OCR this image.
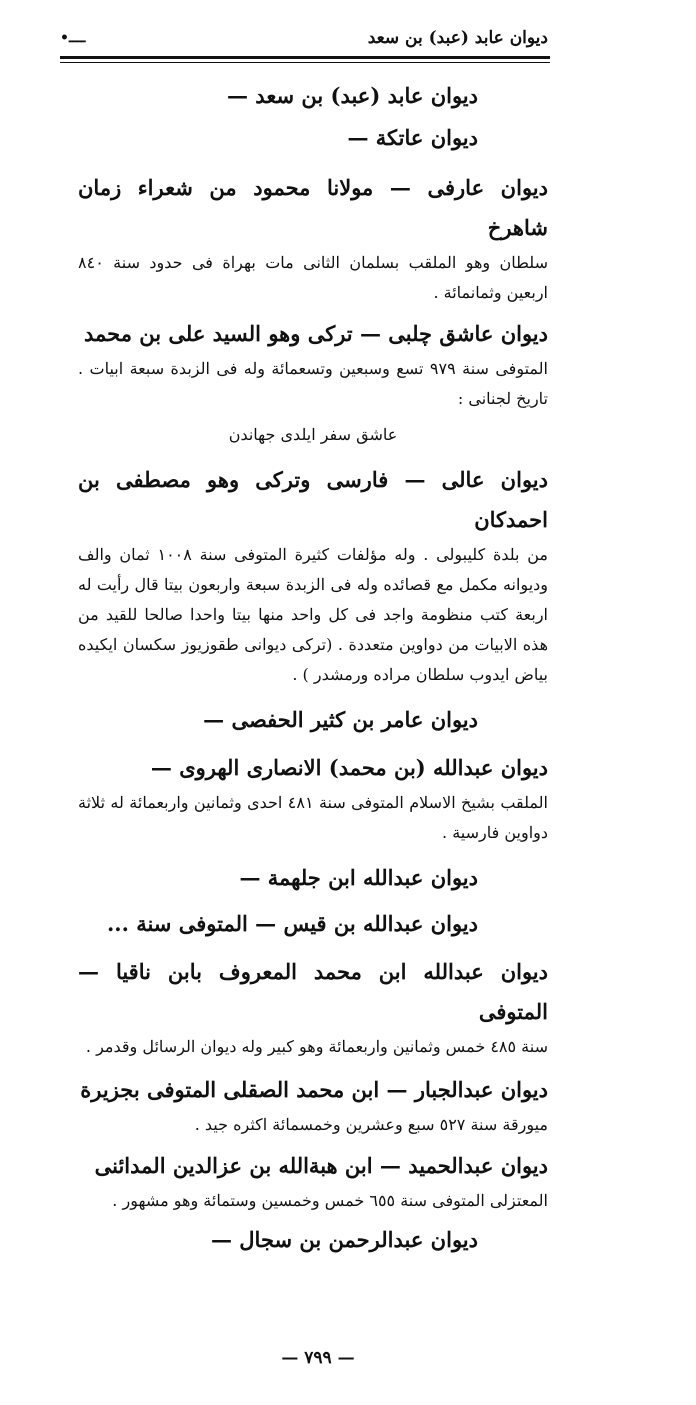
•ــــ	ديوان عابد (عبد) بن سعد
ديوان عابد (عبد) بن سعد —
ديوان عاتكة —
ديوان عارفى — مولانا محمود من شعراء زمان شاهرخ
سلطان وهو الملقب بسلمان الثانى مات بهراة فى حدود سنة ٨٤٠ اربعين وثمانمائة .
ديوان عاشق چلبى — تركى وهو السيد على بن محمد
المتوفى سنة ٩٧٩ تسع وسبعين وتسعمائة وله فى الزبدة سبعة ابيات . تاريخ لجنانى :
عاشق سفر ايلدى جهاندن
ديوان عالى — فارسى وتركى وهو مصطفى بن احمدكان
من بلدة كليبولى . وله مؤلفات كثيرة المتوفى سنة ١٠٠٨ ثمان والف وديوانه مكمل مع قصائده وله فى الزبدة سبعة واربعون بيتا قال رأيت له اربعة كتب منظومة واجد فى كل واحد منها بيتا واحدا صالحا للقيد من هذه الابيات من دواوين متعددة . (تركى ديوانى طقوزيوز سكسان ايكيده بياض ايدوب سلطان مراده ورمشدر ) .
ديوان عامر بن كثير الحفصى —
ديوان عبدالله (بن محمد) الانصارى الهروى —
الملقب بشيخ الاسلام المتوفى سنة ٤٨١ احدى وثمانين واربعمائة له ثلاثة دواوين فارسية .
ديوان عبدالله ابن جلهمة —
ديوان عبدالله بن قيس — المتوفى سنة ...
ديوان عبدالله ابن محمد المعروف بابن ناقيا — المتوفى
سنة ٤٨٥ خمس وثمانين واربعمائة وهو كبير وله ديوان الرسائل وقدمر .
ديوان عبدالجبار — ابن محمد الصقلى المتوفى بجزيرة
ميورقة سنة ٥٢٧ سبع وعشرين وخمسمائة اكثره جيد .
ديوان عبدالحميد — ابن هبةالله بن عزالدين المدائنى
المعتزلى المتوفى سنة ٦٥٥ خمس وخمسين وستمائة وهو مشهور .
ديوان عبدالرحمن بن سجال —
— ٧٩٩ —
